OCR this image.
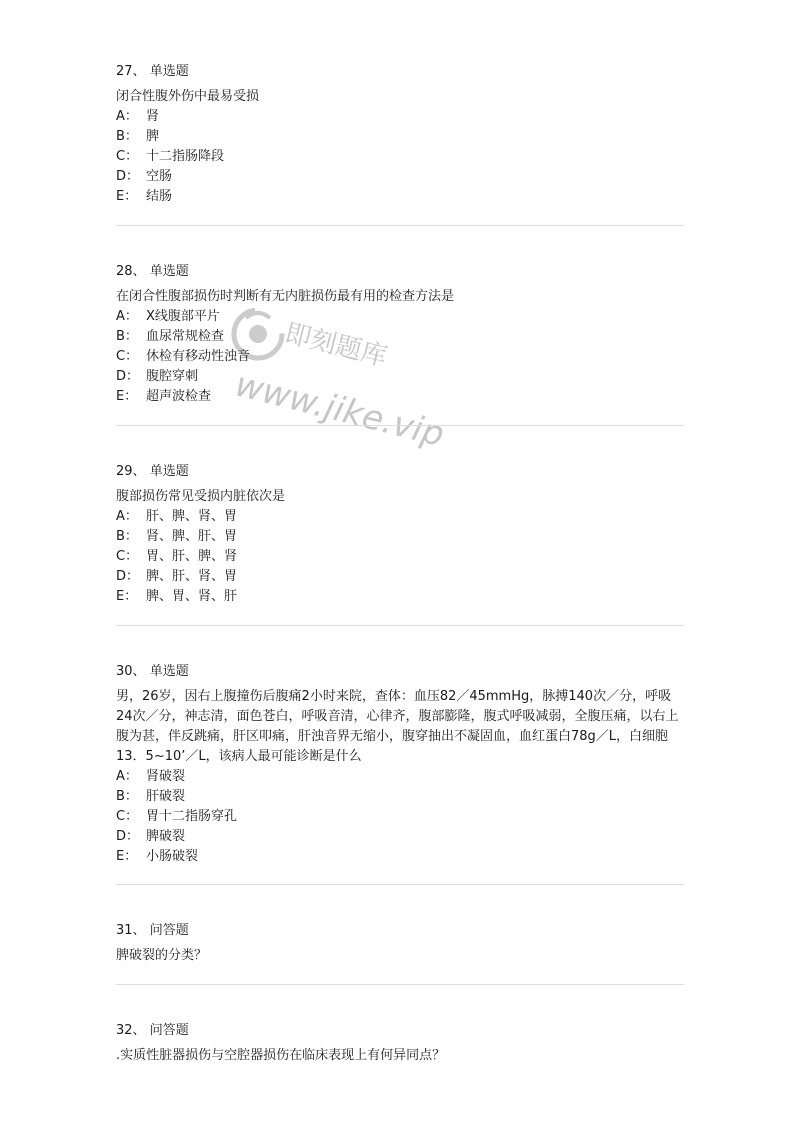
即刻题库
www.jike.vip
27、 单选题
闭合性腹外伤中最易受损
A： 肾
B： 脾
C： 十二指肠降段
D： 空肠
E： 结肠
28、 单选题
在闭合性腹部损伤时判断有无内脏损伤最有用的检查方法是
A： X线腹部平片
B： 血尿常规检查
C： 休检有移动性浊音
D： 腹腔穿刺
E： 超声波检查
29、 单选题
腹部损伤常见受损内脏依次是
A： 肝、脾、肾、胃
B： 肾、脾、肝、胃
C： 胃、肝、脾、肾
D： 脾、肝、肾、胃
E： 脾、胃、肾、肝
30、 单选题
男，26岁，因右上腹撞伤后腹痛2小时来院，查体：血压82／45mmHg，脉搏140次／分，呼吸24次／分，神志清，面色苍白，呼吸音清，心律齐，腹部膨隆，腹式呼吸减弱，全腹压痛，以右上腹为甚，伴反跳痛，肝区叩痛，肝浊音界无缩小，腹穿抽出不凝固血，血红蛋白78g／L，白细胞13．5~10’／L，该病人最可能诊断是什么
A： 肾破裂
B： 肝破裂
C： 胃十二指肠穿孔
D： 脾破裂
E： 小肠破裂
31、 问答题
脾破裂的分类？
32、 问答题
.实质性脏器损伤与空腔器损伤在临床表现上有何异同点？
